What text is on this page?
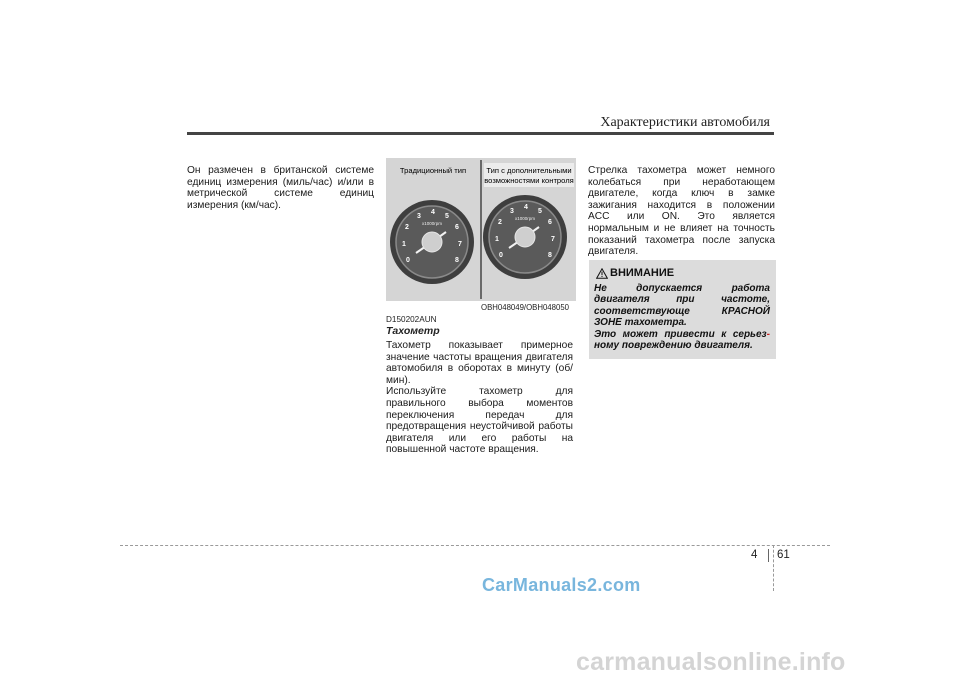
Характеристики автомобиля
Он размечен в британской системе единиц измерения (миль/час) и/или в метрической системе единиц измерения (км/час).
Традиционный тип	Тип с дополнительными
возможностями контроля
x1000rpm
0
1
2
3
4
5
6
7
8
x1000rpm
0
1
2
3
4
5
6
7
8
OBH048049/OBH048050
D150202AUN
Тахометр
Тахометр показывает примерное значение частоты вращения двигателя автомобиля в оборотах в минуту (об/мин).
Используйте тахометр для правильного выбора моментов переключения передач для предотвращения неустойчивой работы двигателя или его работы на повышенной частоте вращения.
Стрелка тахометра может немного колебаться при неработающем двигателе, когда ключ в замке зажигания находится в положении ACC или ON. Это является нормальным и не влияет на точность показаний тахометра после запуска двигателя.
ВНИМАНИЕ
Не допускается работа двигателя при частоте, соответствующе КРАСНОЙ ЗОНЕ тахометра.
Это может привести к серьез- ному повреждению двигателя.
4 61
CarManuals2.com
carmanualsonline.info
